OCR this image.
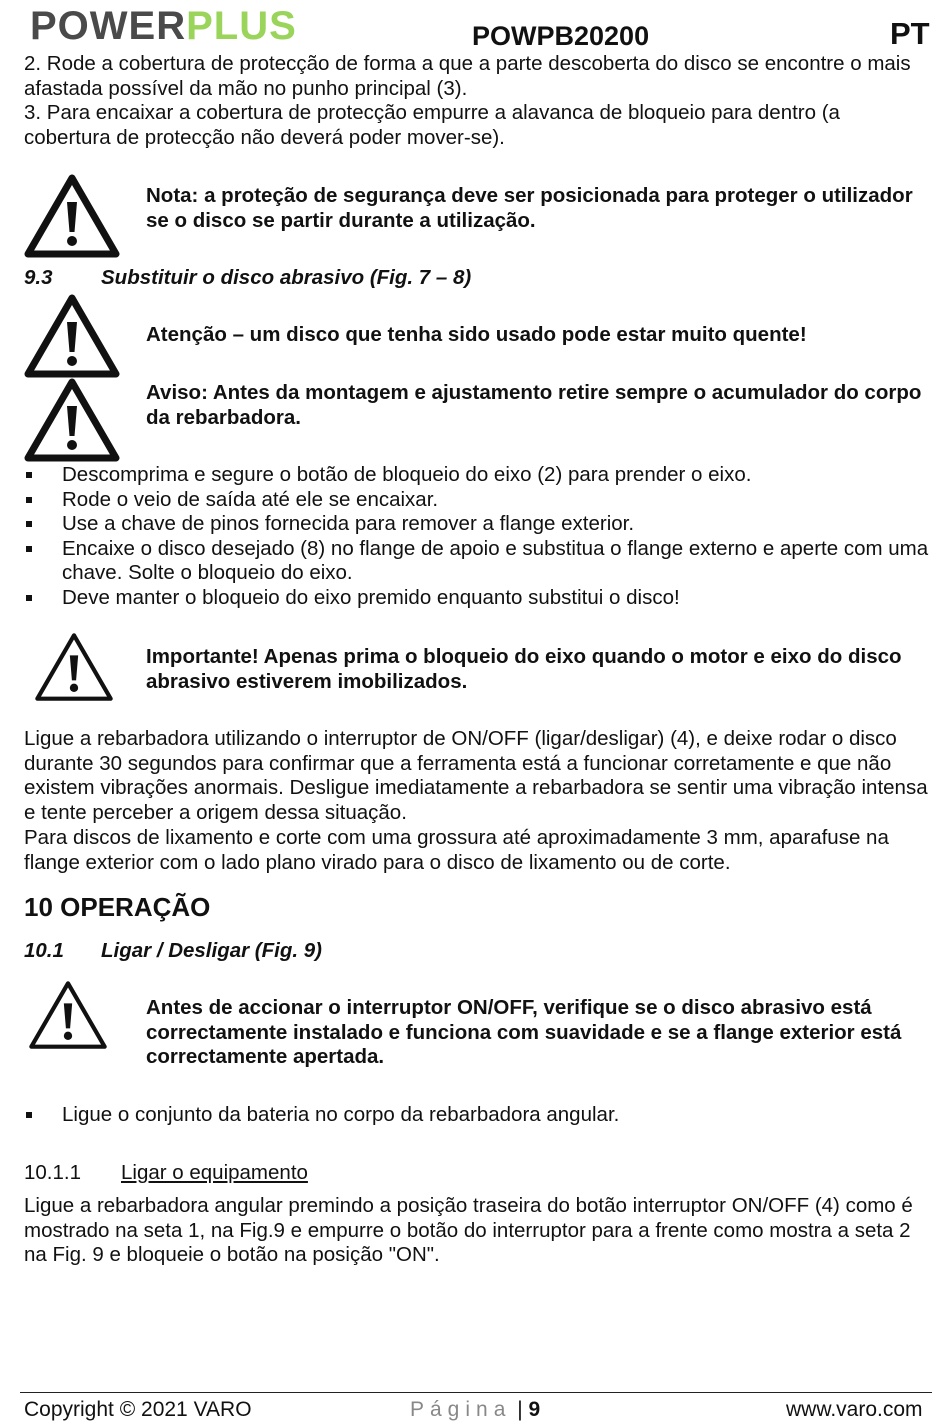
POWERPLUS	POWPB20200	PT
2. Rode a cobertura de protecção de forma a que a parte descoberta do disco se encontre o mais afastada possível da mão no punho principal (3).
3. Para encaixar a cobertura de protecção empurre a alavanca de bloqueio para dentro (a cobertura de protecção não deverá poder mover-se).
Nota: a proteção de segurança deve ser posicionada para proteger o utilizador se o disco se partir durante a utilização.
9.3 Substituir o disco abrasivo (Fig. 7 – 8)
Atenção – um disco que tenha sido usado pode estar muito quente!
Aviso: Antes da montagem e ajustamento retire sempre o acumulador do corpo da rebarbadora.
Descomprima e segure o botão de bloqueio do eixo (2) para prender o eixo.
Rode o veio de saída até ele se encaixar.
Use a chave de pinos fornecida para remover a flange exterior.
Encaixe o disco desejado (8) no flange de apoio e substitua o flange externo e aperte com uma chave. Solte o bloqueio do eixo.
Deve manter o bloqueio do eixo premido enquanto substitui o disco!
Importante! Apenas prima o bloqueio do eixo quando o motor e eixo do disco abrasivo estiverem imobilizados.
Ligue a rebarbadora utilizando o interruptor de ON/OFF (ligar/desligar) (4), e deixe rodar o disco durante 30 segundos para confirmar que a ferramenta está a funcionar corretamente e que não existem vibrações anormais. Desligue imediatamente a rebarbadora se sentir uma vibração intensa e tente perceber a origem dessa situação.
Para discos de lixamento e corte com uma grossura até aproximadamente 3 mm, aparafuse na flange exterior com o lado plano virado para o disco de lixamento ou de corte.
10 OPERAÇÃO
10.1 Ligar / Desligar (Fig. 9)
Antes de accionar o interruptor ON/OFF, verifique se o disco abrasivo está correctamente instalado e funciona com suavidade e se a flange exterior está correctamente apertada.
Ligue o conjunto da bateria no corpo da rebarbadora angular.
10.1.1 Ligar o equipamento
Ligue a rebarbadora angular premindo a posição traseira do botão interruptor ON/OFF (4) como é mostrado na seta 1, na Fig.9 e empurre o botão do interruptor para a frente como mostra a seta 2 na Fig. 9 e bloqueie o botão na posição "ON".
Copyright © 2021 VARO	Página | 9	www.varo.com
